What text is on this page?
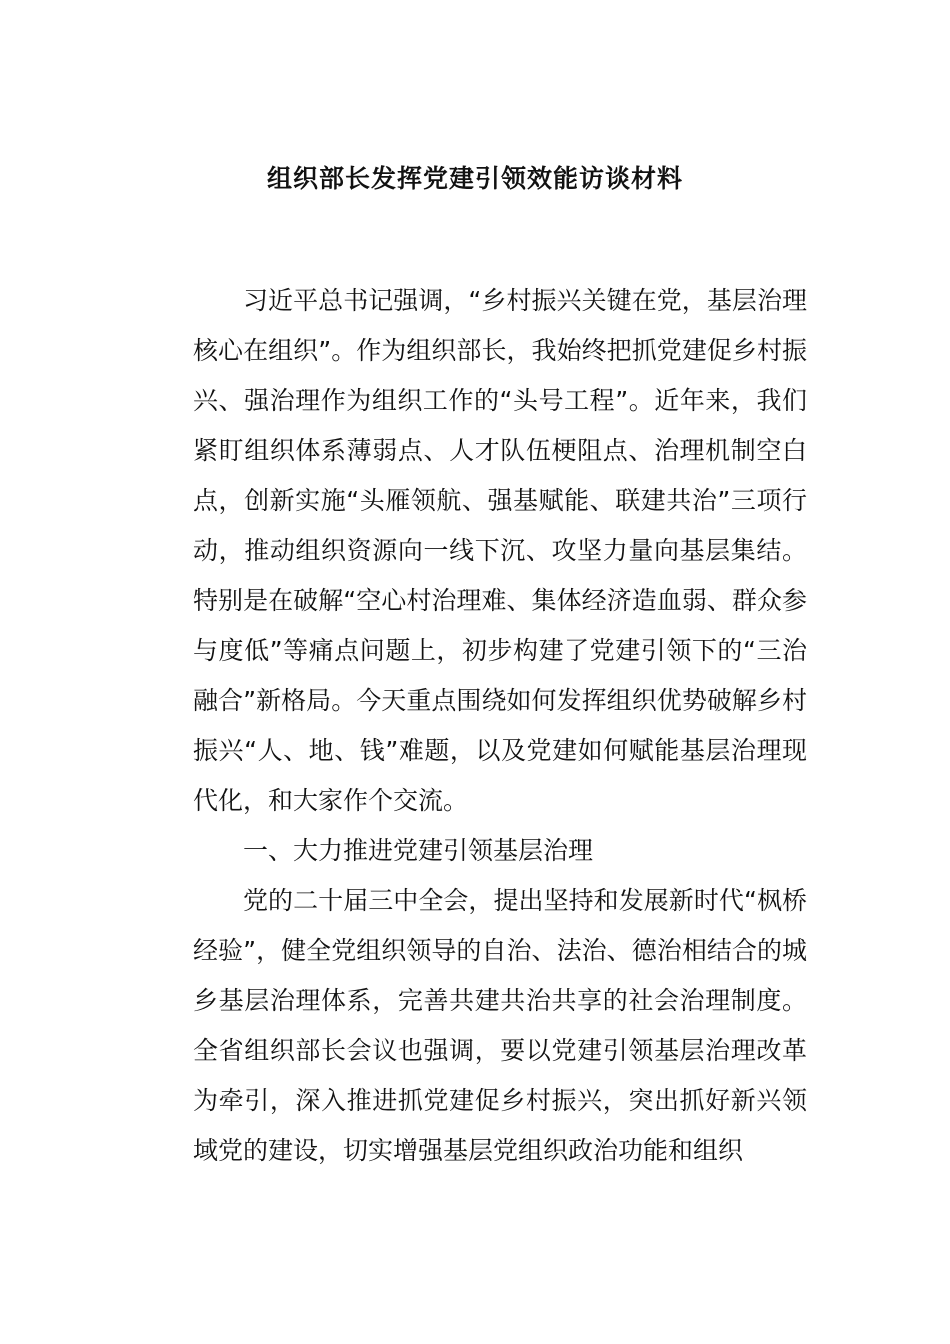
组织部长发挥党建引领效能访谈材料

习近平总书记强调，“乡村振兴关键在党，基层治理核心在组织”。作为组织部长，我始终把抓党建促乡村振兴、强治理作为组织工作的“头号工程”。近年来，我们紧盯组织体系薄弱点、人才队伍梗阻点、治理机制空白点，创新实施“头雁领航、强基赋能、联建共治”三项行动，推动组织资源向一线下沉、攻坚力量向基层集结。特别是在破解“空心村治理难、集体经济造血弱、群众参与度低”等痛点问题上，初步构建了党建引领下的“三治融合”新格局。今天重点围绕如何发挥组织优势破解乡村振兴“人、地、钱”难题，以及党建如何赋能基层治理现代化，和大家作个交流。

一、大力推进党建引领基层治理

党的二十届三中全会，提出坚持和发展新时代“枫桥经验”，健全党组织领导的自治、法治、德治相结合的城乡基层治理体系，完善共建共治共享的社会治理制度。全省组织部长会议也强调，要以党建引领基层治理改革为牵引，深入推进抓党建促乡村振兴，突出抓好新兴领域党的建设，切实增强基层党组织政治功能和组织
